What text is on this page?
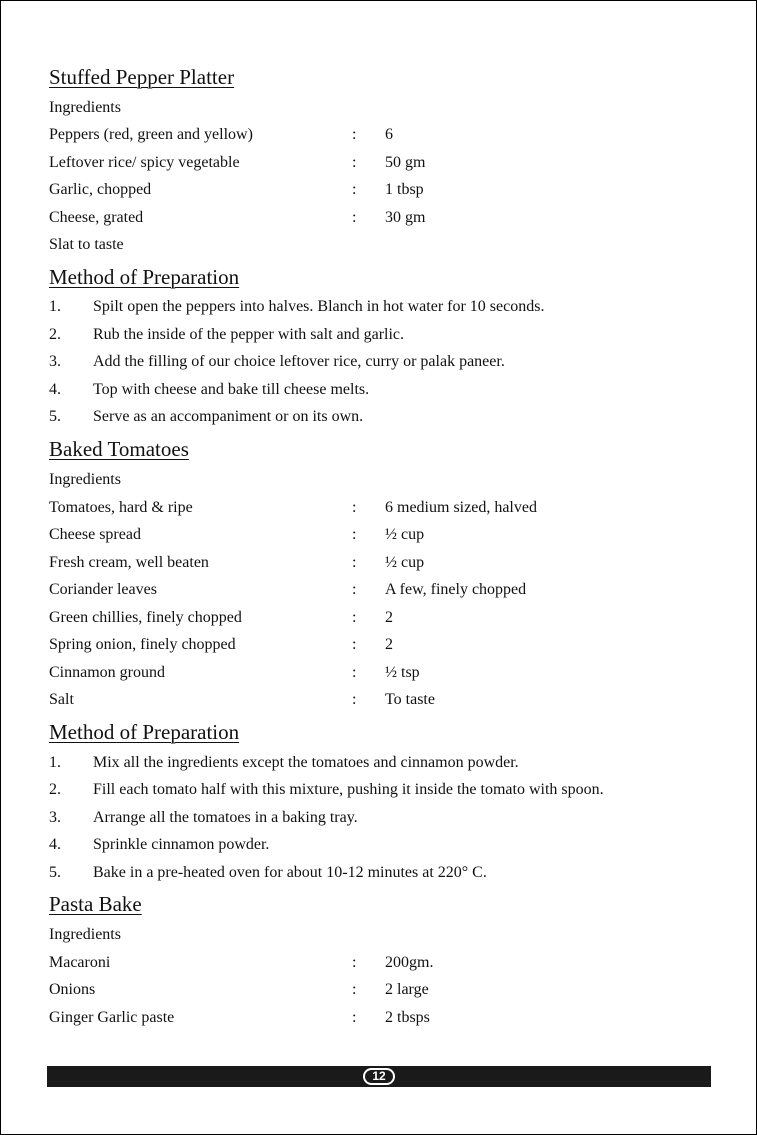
Stuffed Pepper Platter
Ingredients
Peppers (red, green and yellow)	: 6
Leftover rice/ spicy vegetable	: 50 gm
Garlic, chopped	: 1 tbsp
Cheese, grated	: 30 gm
Slat to taste
Method of Preparation
1. Spilt open the peppers into halves. Blanch in hot water for 10 seconds.
2. Rub the inside of the pepper with salt and garlic.
3. Add the filling of our choice leftover rice, curry or palak paneer.
4. Top with cheese and bake till cheese melts.
5. Serve as an accompaniment or on its own.
Baked Tomatoes
Ingredients
Tomatoes, hard & ripe	: 6 medium sized, halved
Cheese spread	: ½ cup
Fresh cream, well beaten	: ½ cup
Coriander leaves	: A few, finely chopped
Green chillies, finely chopped	: 2
Spring onion, finely chopped	: 2
Cinnamon ground	: ½ tsp
Salt	: To taste
Method of Preparation
1. Mix all the ingredients except the tomatoes and cinnamon powder.
2. Fill each tomato half with this mixture, pushing it inside the tomato with spoon.
3. Arrange all the tomatoes in a baking tray.
4. Sprinkle cinnamon powder.
5. Bake in a pre-heated oven for about 10-12 minutes at 220° C.
Pasta Bake
Ingredients
Macaroni	: 200gm.
Onions	: 2 large
Ginger Garlic paste	: 2 tbsps
12
